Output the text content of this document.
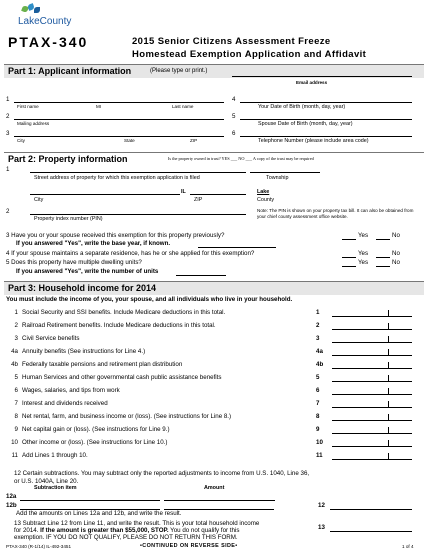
LakeCounty
PTAX-340	2015 Senior Citizens Assessment Freeze
Homestead Exemption Application and Affidavit
Part 1: Applicant information	(Please type or print.)
Email address
1
First name	MI	Last name
4
Your Date of Birth (month, day, year)
2
Mailing address
5
Spouse Date of Birth (month, day, year)
3
City	State	ZIP
6
Telephone Number (please include area code)
Part 2: Property information	Is the property owned in trust? YES ___ NO ___ A copy of the trust may be required
1
Street address of property for which this exemption application is filed	Township
IL	Lake
City	ZIP	County
2
Property index number (PIN)
Note: The PIN is shown on your property tax bill. It can also be obtained from your chief county assessment office website.
3 Have you or your spouse received this exemption for this property previously?	Yes	No
If you answered "Yes", write the base year, if known.
4 If your spouse maintains a separate residence, has he or she applied for this exemption?	Yes	No
5 Does this property have multiple dwelling units?	Yes	No
If you answered "Yes", write the number of units
Part 3: Household income for 2014
You must include the income of you, your spouse, and all individuals who live in your household.
1 Social Security and SSI benefits. Include Medicare deductions in this total.	1
2 Railroad Retirement benefits. Include Medicare deductions in this total.	2
3 Civil Service benefits	3
4a Annuity benefits (See instructions for Line 4.)	4a
4b Federally taxable pensions and retirement plan distribution	4b
5 Human Services and other governmental cash public assistance benefits	5
6 Wages, salaries, and tips from work	6
7 Interest and dividends received	7
8 Net rental, farm, and business income or (loss). (See instructions for Line 8.)	8
9 Net capital gain or (loss). (See instructions for Line 9.)	9
10 Other income or (loss). (See instructions for Line 10.)	10
11 Add Lines 1 through 10.	11
12 Certain subtractions. You may subtract only the reported adjustments to income from U.S. 1040, Line 36, or U.S. 1040A, Line 20.
Subtraction item	Amount
12a
12b
Add the amounts on Lines 12a and 12b, and write the result.
12
13 Subtract Line 12 from Line 11, and write the result. This is your total household income
for 2014. If the amount is greater than $55,000, STOP. You do not qualify for this
exemption. IF YOU DO NOT QUALIFY, PLEASE DO NOT RETURN THIS FORM.
13
PTAX-340 (R-1/14) IL-492-3451	•CONTINUED ON REVERSE SIDE•	1 of 4
